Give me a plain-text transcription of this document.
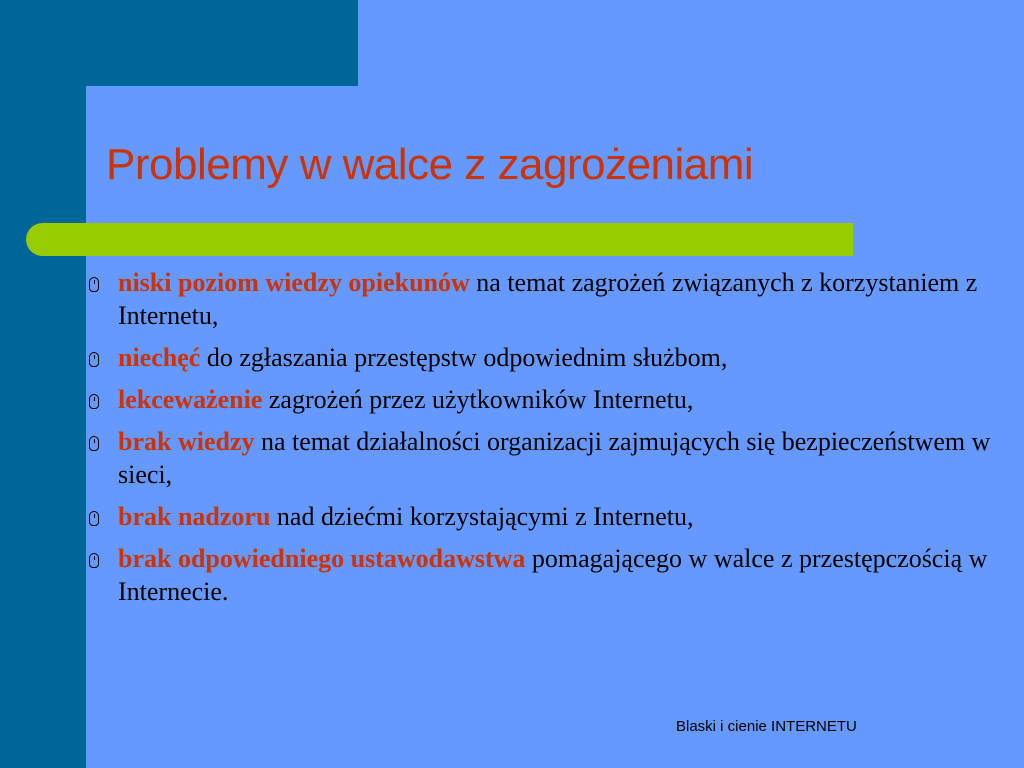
Problemy w walce z zagrożeniami
niski poziom wiedzy opiekunów na temat zagrożeń związanych z korzystaniem z Internetu,
niechęć do zgłaszania przestępstw odpowiednim służbom,
lekceważenie zagrożeń przez użytkowników Internetu,
brak wiedzy na temat działalności organizacji zajmujących się bezpieczeństwem w sieci,
brak nadzoru nad dziećmi korzystającymi z Internetu,
brak odpowiedniego ustawodawstwa pomagającego w walce z przestępczością w Internecie.
Blaski i cienie INTERNETU
